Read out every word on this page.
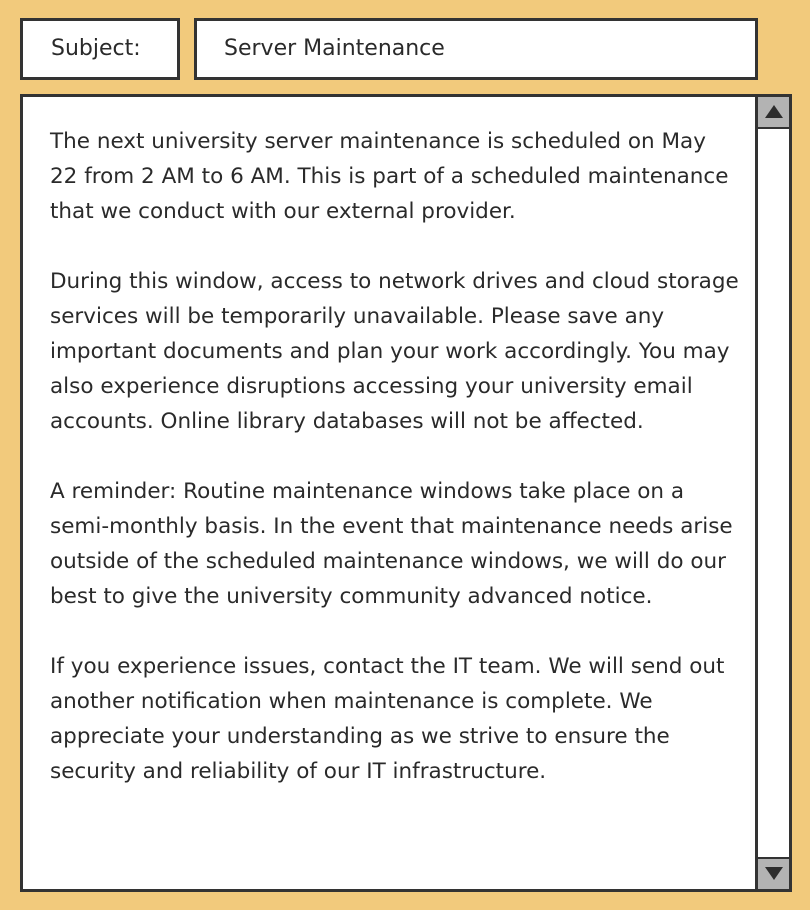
Subject:	Server Maintenance

The next university server maintenance is scheduled on May 22 from 2 AM to 6 AM. This is part of a scheduled maintenance that we conduct with our external provider.

During this window, access to network drives and cloud storage services will be temporarily unavailable. Please save any important documents and plan your work accordingly. You may also experience disruptions accessing your university email accounts. Online library databases will not be affected.

A reminder: Routine maintenance windows take place on a semi-monthly basis. In the event that maintenance needs arise outside of the scheduled maintenance windows, we will do our best to give the university community advanced notice.

If you experience issues, contact the IT team. We will send out another notification when maintenance is complete. We appreciate your understanding as we strive to ensure the security and reliability of our IT infrastructure.
